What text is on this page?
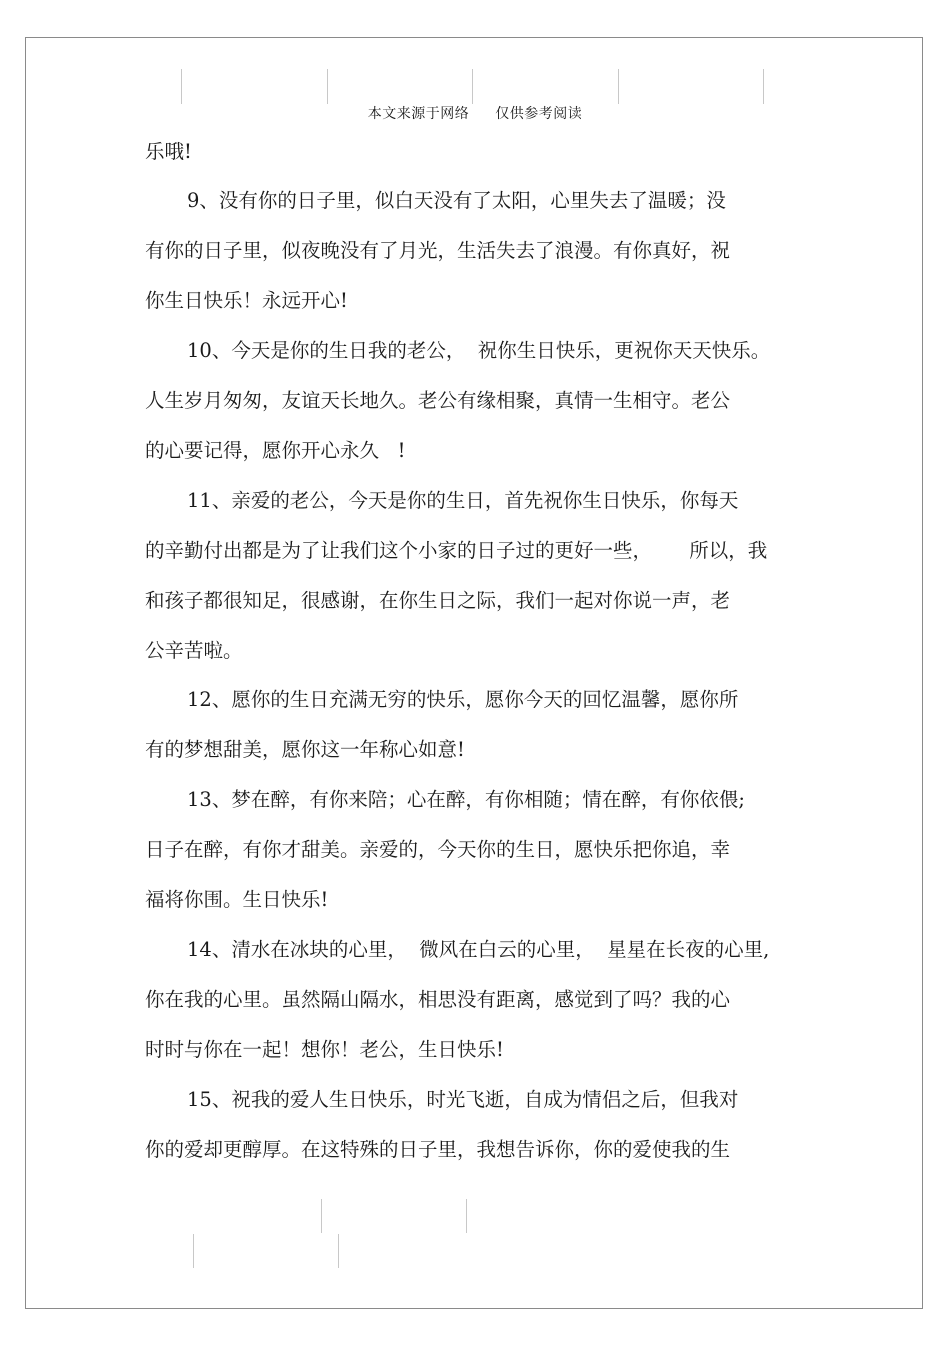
本文来源于网络 仅供参考阅读
乐哦!
9、没有你的日子里，似白天没有了太阳，心里失去了温暖；没
有你的日子里，似夜晚没有了月光，生活失去了浪漫。有你真好，祝
你生日快乐！永远开心!
10、今天是你的生日我的老公，  祝你生日快乐，更祝你天天快乐。
人生岁月匆匆，友谊天长地久。老公有缘相聚，真情一生相守。老公
的心要记得，愿你开心永久   !
11、亲爱的老公，今天是你的生日，首先祝你生日快乐，你每天
的辛勤付出都是为了让我们这个小家的日子过的更好一些，      所以，我
和孩子都很知足，很感谢，在你生日之际，我们一起对你说一声，老
公辛苦啦。
12、愿你的生日充满无穷的快乐，愿你今天的回忆温馨，愿你所
有的梦想甜美，愿你这一年称心如意!
13、梦在醉，有你来陪；心在醉，有你相随；情在醉，有你依偎;
日子在醉，有你才甜美。亲爱的，今天你的生日，愿快乐把你追，幸
福将你围。生日快乐!
14、清水在冰块的心里，  微风在白云的心里，  星星在长夜的心里,
你在我的心里。虽然隔山隔水，相思没有距离，感觉到了吗？我的心
时时与你在一起！想你！老公，生日快乐!
15、祝我的爱人生日快乐，时光飞逝，自成为情侣之后，但我对
你的爱却更醇厚。在这特殊的日子里，我想告诉你，你的爱使我的生
